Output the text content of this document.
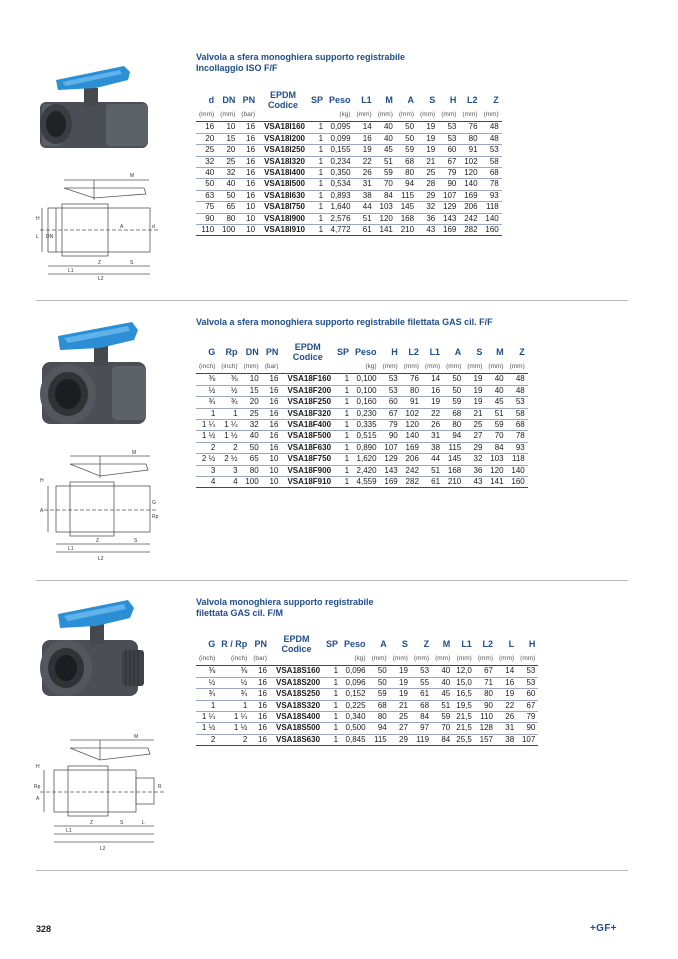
Valvola a sfera monoghiera supporto registrabile
Incollaggio ISO F/F
d	DN	PN	EPDM
Codice	SP	Peso	L1	M	A	S	H	L2	Z
(mm)	(mm)	(bar)			(kg)	(mm)	(mm)	(mm)	(mm)	(mm)	(mm)	(mm)
16	10	16	VSA18I160	1	0,095	14	40	50	19	53	76	48
20	15	16	VSA18I200	1	0,099	16	40	50	19	53	80	48
25	20	16	VSA18I250	1	0,155	19	45	59	19	60	91	53
32	25	16	VSA18I320	1	0,234	22	51	68	21	67	102	58
40	32	16	VSA18I400	1	0,350	26	59	80	25	79	120	68
50	40	16	VSA18I500	1	0,534	31	70	94	28	90	140	78
63	50	16	VSA18I630	1	0,893	38	84	115	29	107	169	93
75	65	10	VSA18I750	1	1,640	44	103	145	32	129	206	118
90	80	10	VSA18I900	1	2,576	51	120	168	36	143	242	140
110	100	10	VSA18I910	1	4,772	61	141	210	43	169	282	160
M
H
L DN
d
A
Z	S
L1
L2
Valvola a sfera monoghiera supporto registrabile filettata GAS cil. F/F
G	Rp	DN	PN	EPDM
Codice	SP	Peso	H	L2	L1	A	S	M	Z
(inch)	(inch)	(mm)	(bar)			(kg)	(mm)	(mm)	(mm)	(mm)	(mm)	(mm)	(mm)
⅜	⅜	10	16	VSA18F160	1	0,100	53	76	14	50	19	40	48
½	½	15	16	VSA18F200	1	0,100	53	80	16	50	19	40	48
¾	¾	20	16	VSA18F250	1	0,160	60	91	19	59	19	45	53
1	1	25	16	VSA18F320	1	0,230	67	102	22	68	21	51	58
1 ¼	1 ¼	32	16	VSA18F400	1	0,335	79	120	26	80	25	59	68
1 ½	1 ½	40	16	VSA18F500	1	0,515	90	140	31	94	27	70	78
2	2	50	16	VSA18F630	1	0,890	107	169	38	115	29	84	93
2 ½	2 ½	65	10	VSA18F750	1	1,620	129	206	44	145	32	103	118
3	3	80	10	VSA18F900	1	2,420	143	242	51	168	36	120	140
4	4	100	10	VSA18F910	1	4,559	169	282	61	210	43	141	160
M
H
A
G
Rp
Z	S
L1
L2
Valvola monoghiera supporto registrabile
filettata GAS cil. F/M
G	R / Rp	PN	EPDM
Codice	SP	Peso	A	S	Z	M	L1	L2	L	H
(inch)	(inch)	(bar)			(kg)	(mm)	(mm)	(mm)	(mm)	(mm)	(mm)	(mm)	(mm)
⅜	⅜	16	VSA18S160	1	0,096	50	19	53	40	12,0	67	14	53
½	½	16	VSA18S200	1	0,096	50	19	55	40	15,0	71	16	53
¾	¾	16	VSA18S250	1	0,152	59	19	61	45	16,5	80	19	60
1	1	16	VSA18S320	1	0,225	68	21	68	51	19,5	90	22	67
1 ¼	1 ¼	16	VSA18S400	1	0,340	80	25	84	59	21,5	110	26	79
1 ½	1 ½	16	VSA18S500	1	0,500	94	27	97	70	21,5	128	31	90
2	2	16	VSA18S630	1	0,845	115	29	119	84	25,5	157	38	107
M
H
Rp	R
L
Z
A
S
L1
L2
328	+GF+
